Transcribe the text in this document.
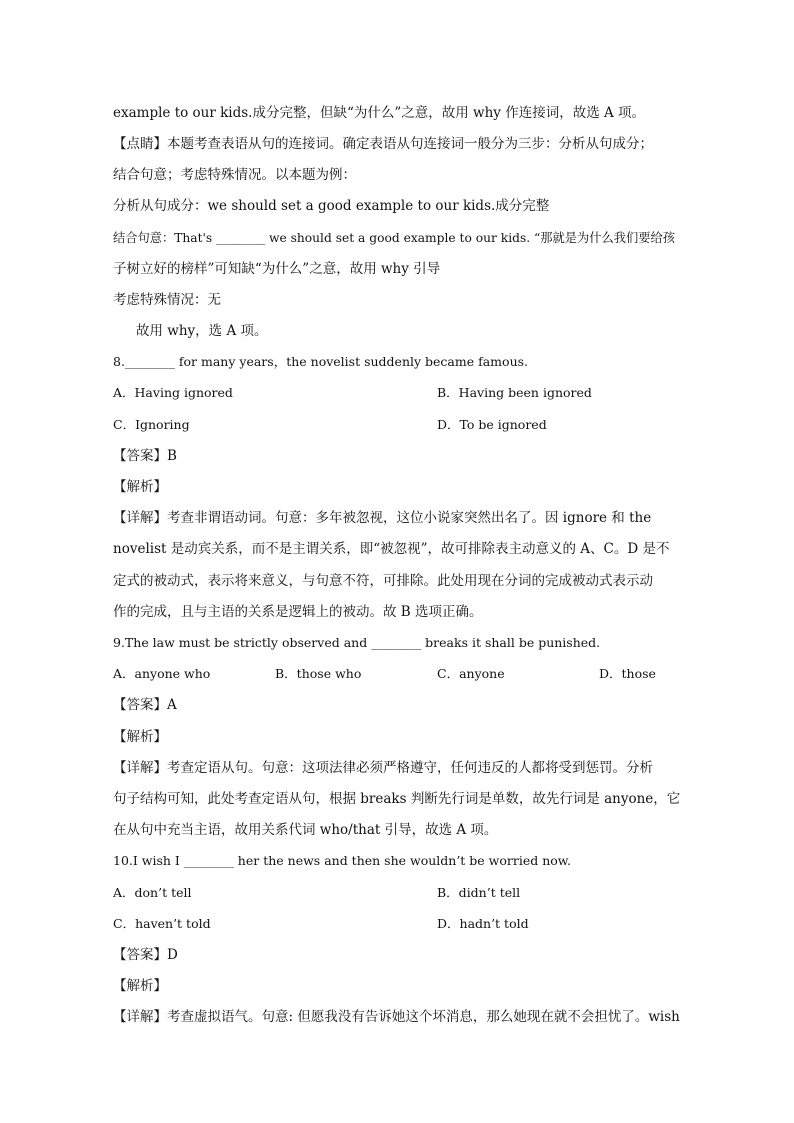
example to our kids.成分完整，但缺“为什么”之意，故用 why 作连接词，故选 A 项。
【点睛】本题考查表语从句的连接词。确定表语从句连接词一般分为三步：分析从句成分；
结合句意；考虑特殊情况。以本题为例：
分析从句成分：we should set a good example to our kids.成分完整
结合句意：That's ________ we should set a good example to our kids. “那就是为什么我们要给孩
子树立好的榜样”可知缺“为什么”之意，故用 why 引导
考虑特殊情况：无
故用 why，选 A 项。
8.________ for many years，the novelist suddenly became famous.
A．Having ignored	B．Having been ignored
C．Ignoring	D．To be ignored
【答案】B
【解析】
【详解】考查非谓语动词。句意：多年被忽视，这位小说家突然出名了。因 ignore 和 the
novelist 是动宾关系，而不是主谓关系，即“被忽视”，故可排除表主动意义的 A、C。D 是不
定式的被动式，表示将来意义，与句意不符，可排除。此处用现在分词的完成被动式表示动
作的完成，且与主语的关系是逻辑上的被动。故 B 选项正确。
9.The law must be strictly observed and ________ breaks it shall be punished.
A．anyone who	B．those who	C．anyone	D．those
【答案】A
【解析】
【详解】考查定语从句。句意：这项法律必须严格遵守，任何违反的人都将受到惩罚。分析
句子结构可知，此处考查定语从句，根据 breaks 判断先行词是单数，故先行词是 anyone，它
在从句中充当主语，故用关系代词 who/that 引导，故选 A 项。
10.I wish I ________ her the news and then she wouldn’t be worried now.
A．don’t tell	B．didn’t tell
C．haven’t told	D．hadn’t told
【答案】D
【解析】
【详解】考查虚拟语气。句意: 但愿我没有告诉她这个坏消息，那么她现在就不会担忧了。wish
